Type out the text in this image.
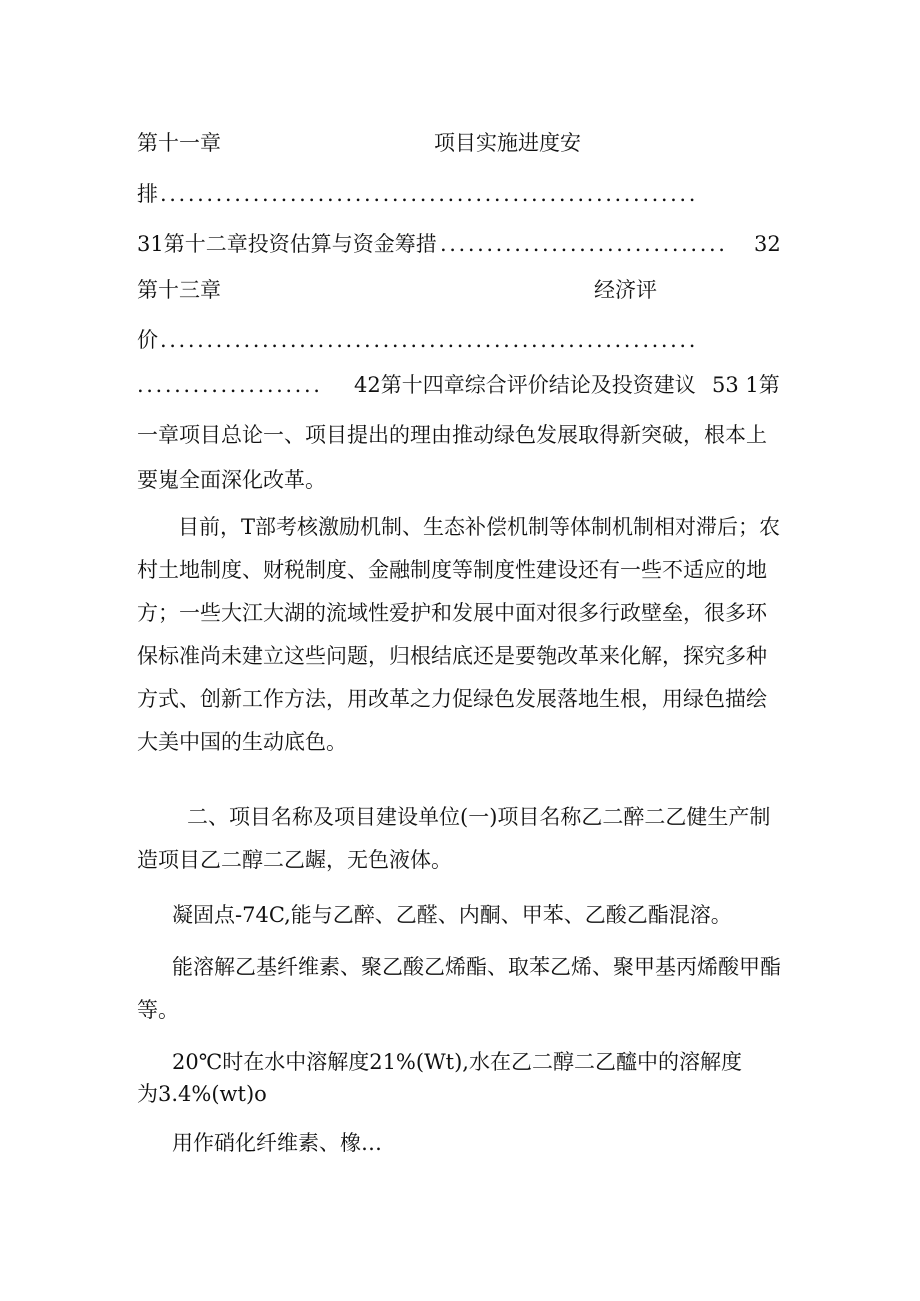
第十一章	项目实施进度安
排 ..........................................................
31第十二章投资估算与资金筹措 ............................... 32
第十三章	经济评
价 ..........................................................
.................... 42第十四章综合评价结论及投资建议 53 1第
一章项目总论一、项目提出的理由推动绿色发展取得新突破，根本上
要嵬全面深化改革。

目前，T部考核激励机制、生态补偿机制等体制机制相对滞后；农村土地制度、财税制度、金融制度等制度性建设还有一些不适应的地方；一些大江大湖的流域性爱护和发展中面对很多行政壁垒，很多环保标准尚未建立这些问题，归根结底还是要匏改革来化解，探究多种方式、创新工作方法，用改革之力促绿色发展落地生根，用绿色描绘大美中国的生动底色。

二、项目名称及项目建设单位(一)项目名称乙二醉二乙健生产制造项目乙二醇二乙龌，无色液体。

凝固点-74C,能与乙醉、乙醛、内酮、甲苯、乙酸乙酯混溶。

能溶解乙基纤维素、聚乙酸乙烯酯、取苯乙烯、聚甲基丙烯酸甲酯等。

20℃时在水中溶解度21%(Wt),水在乙二醇二乙醯中的溶解度
为3.4%(wt)o
用作硝化纤维素、橡…
